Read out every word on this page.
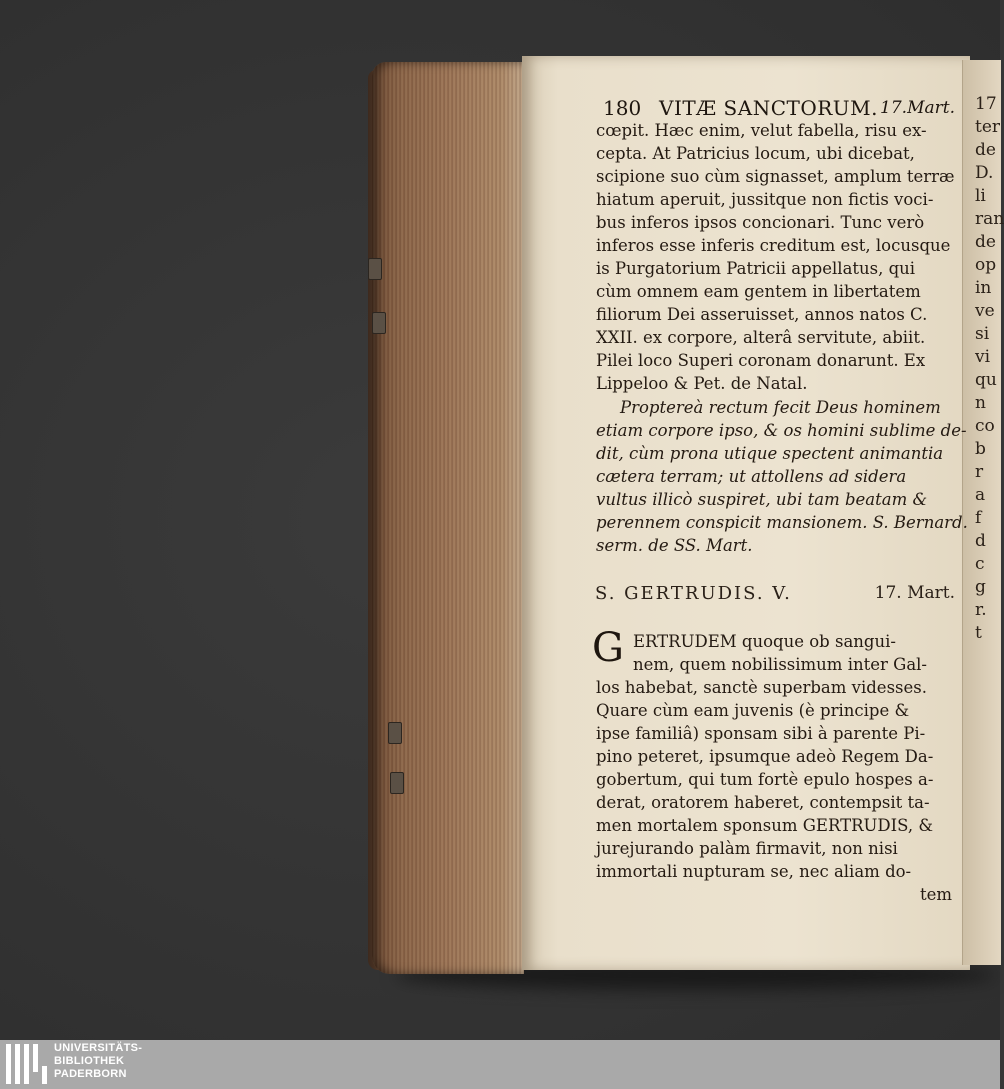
17
ter
de
D.
li
ran
de
op
in
ve
si
vi
qu
n
co
b
r
a
f
d
c
g
r.
t
180 VITÆ SANCTORUM. 17.Mart.
cœpit. Hæc enim, velut fabella, risu ex-
cepta. At Patricius locum, ubi dicebat,
scipione suo cùm signasset, amplum terræ
hiatum aperuit, jussitque non fictis voci-
bus inferos ipsos concionari. Tunc verò
inferos esse inferis creditum est, locusque
is Purgatorium Patricii appellatus, qui
cùm omnem eam gentem in libertatem
filiorum Dei asseruisset, annos natos C.
XXII. ex corpore, alterâ servitute, abiit.
Pilei loco Superi coronam donarunt. Ex
Lippeloo & Pet. de Natal.
Proptereà rectum fecit Deus hominem
etiam corpore ipso, & os homini sublime de-
dit, cùm prona utique spectent animantia
cætera terram; ut attollens ad sidera
vultus illicò suspiret, ubi tam beatam &
perennem conspicit mansionem. S. Bernard.
serm. de SS. Mart.
S. GERTRUDIS. V.	17. Mart.
G ERTRUDEM quoque ob sangui-
nem, quem nobilissimum inter Gal-
los habebat, sanctè superbam videsses.
Quare cùm eam juvenis (è principe &
ipse familiâ) sponsam sibi à parente Pi-
pino peteret, ipsumque adeò Regem Da-
gobertum, qui tum fortè epulo hospes a-
derat, oratorem haberet, contempsit ta-
men mortalem sponsum GERTRUDIS, &
jurejurando palàm firmavit, non nisi
immortali nupturam se, nec aliam do-
tem
UNIVERSITÄTS-
BIBLIOTHEK
PADERBORN
